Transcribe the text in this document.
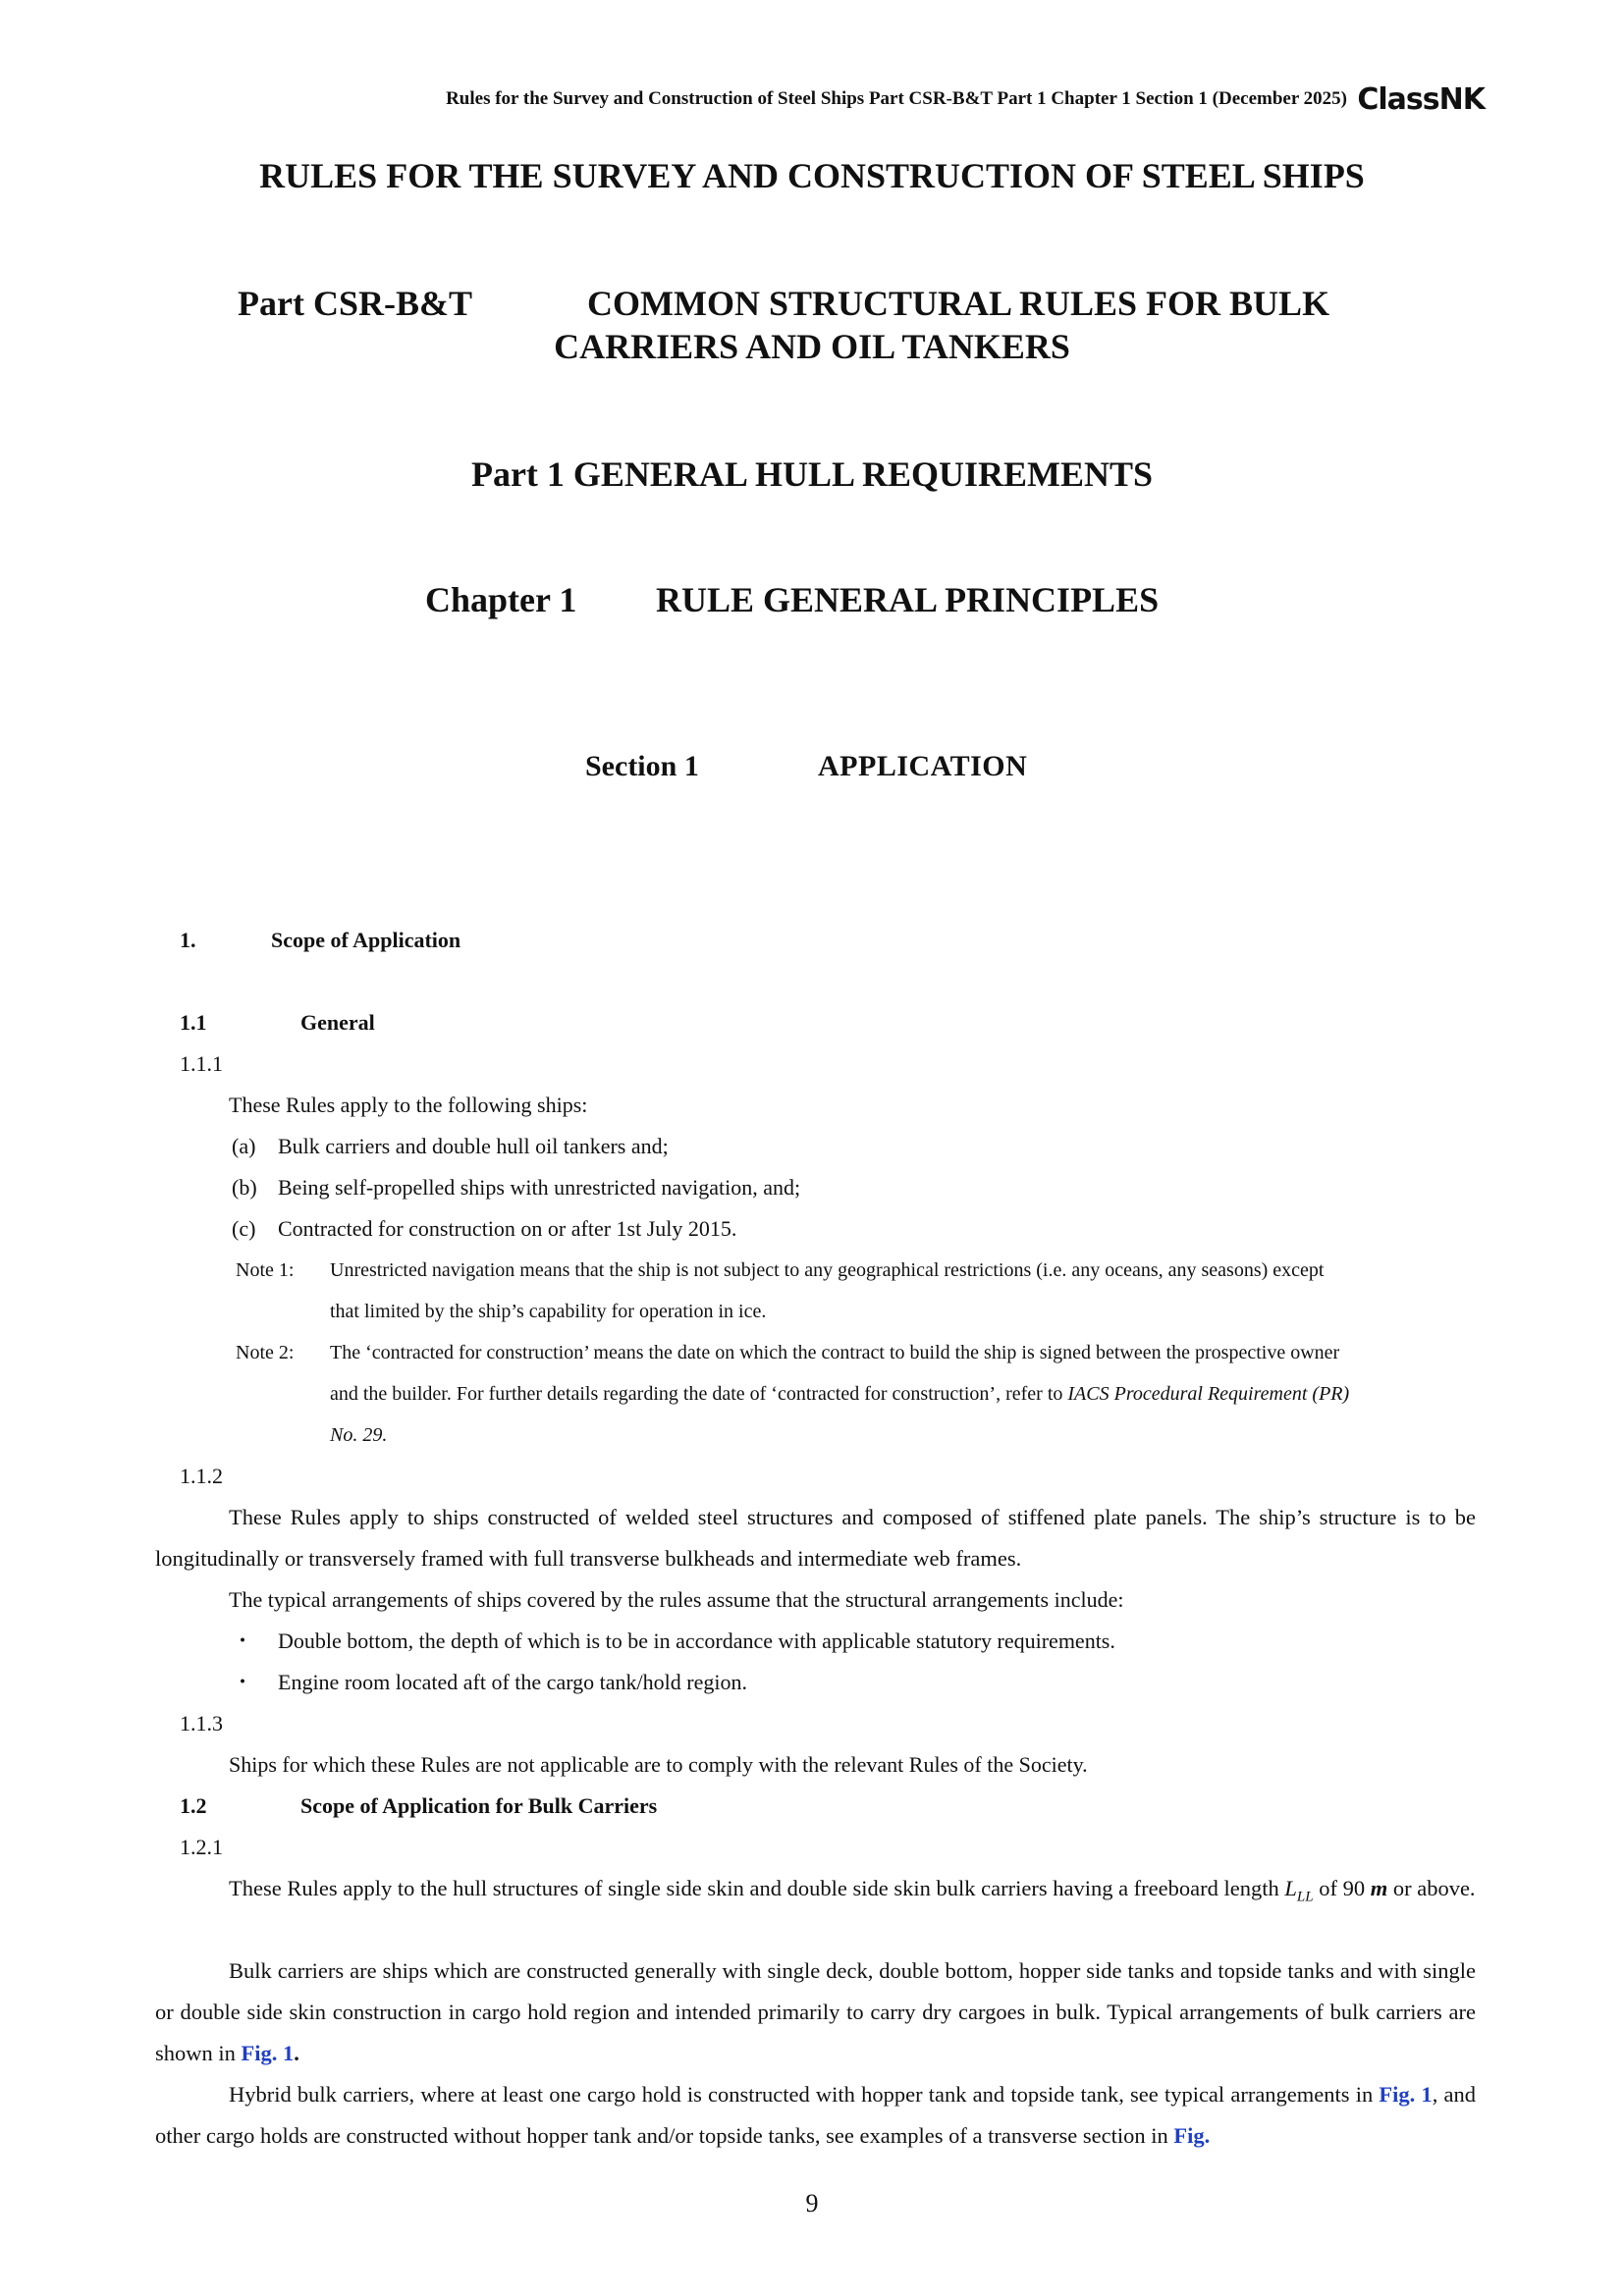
Rules for the Survey and Construction of Steel Ships Part CSR-B&T Part 1 Chapter 1 Section 1 (December 2025) ClassNK
RULES FOR THE SURVEY AND CONSTRUCTION OF STEEL SHIPS
Part CSR-B&T	COMMON STRUCTURAL RULES FOR BULK
CARRIERS AND OIL TANKERS
Part 1 GENERAL HULL REQUIREMENTS
Chapter 1 RULE GENERAL PRINCIPLES
Section 1	APPLICATION
1.	Scope of Application
1.1	General
1.1.1
These Rules apply to the following ships:
(a) Bulk carriers and double hull oil tankers and;
(b) Being self-propelled ships with unrestricted navigation, and;
(c) Contracted for construction on or after 1st July 2015.
Note 1: Unrestricted navigation means that the ship is not subject to any geographical restrictions (i.e. any oceans, any seasons) except
that limited by the ship’s capability for operation in ice.
Note 2: The ‘contracted for construction’ means the date on which the contract to build the ship is signed between the prospective owner
and the builder. For further details regarding the date of ‘contracted for construction’, refer to IACS Procedural Requirement (PR)
No. 29.
1.1.2
These Rules apply to ships constructed of welded steel structures and composed of stiffened plate panels. The ship’s structure is to be longitudinally or transversely framed with full transverse bulkheads and intermediate web frames.
The typical arrangements of ships covered by the rules assume that the structural arrangements include:
・ Double bottom, the depth of which is to be in accordance with applicable statutory requirements.
・ Engine room located aft of the cargo tank/hold region.
1.1.3
Ships for which these Rules are not applicable are to comply with the relevant Rules of the Society.
1.2	Scope of Application for Bulk Carriers
1.2.1
These Rules apply to the hull structures of single side skin and double side skin bulk carriers having a freeboard length $L_{LL}$ of 90 m or above.
Bulk carriers are ships which are constructed generally with single deck, double bottom, hopper side tanks and topside tanks and with single or double side skin construction in cargo hold region and intended primarily to carry dry cargoes in bulk. Typical arrangements of bulk carriers are shown in Fig. 1.
Hybrid bulk carriers, where at least one cargo hold is constructed with hopper tank and topside tank, see typical arrangements in Fig. 1, and other cargo holds are constructed without hopper tank and/or topside tanks, see examples of a transverse section in Fig.
9
